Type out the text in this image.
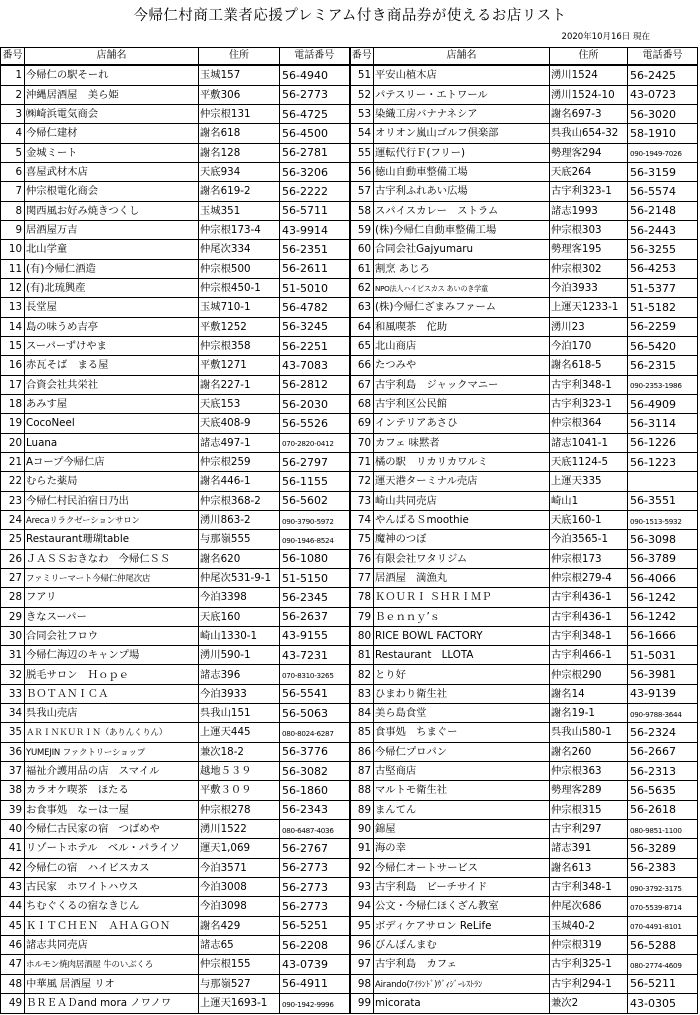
今帰仁村商工業者応援プレミアム付き商品券が使えるお店リスト
2020年10月16日 現在
番号	店舗名	住所	電話番号	番号	店舗名	住所	電話番号
1	今帰仁の駅そーれ	玉城157	56-4940	51	平安山植木店	湧川1524	56-2425
2	沖縄居酒屋　美ら姫	平敷306	56-2773	52	パテスリー・エトワール	湧川1524-10	43-0723
3	㈱崎浜電気商会	仲宗根131	56-4725	53	染織工房バナナネシア	謝名697-3	56-3020
4	今帰仁建材	謝名618	56-4500	54	オリオン嵐山ゴルフ倶楽部	呉我山654-32	58-1910
5	金城ミート	謝名128	56-2781	55	運転代行Ｆ(フリー)	勢理客294	090-1949-7026
6	喜屋武材木店	天底934	56-3206	56	徳山自動車整備工場	天底264	56-3159
7	仲宗根電化商会	謝名619-2	56-2222	57	古宇利ふれあい広場	古宇利323-1	56-5574
8	関西風お好み焼きつくし	玉城351	56-5711	58	スパイスカレー　ストラム	諸志1993	56-2148
9	居酒屋万吉	仲宗根173-4	43-9914	59	(株)今帰仁自動車整備工場	仲宗根303	56-2443
10	北山学童	仲尾次334	56-2351	60	合同会社Gajyumaru	勢理客195	56-3255
11	(有)今帰仁酒造	仲宗根500	56-2611	61	割烹 あじろ	仲宗根302	56-4253
12	(有)北琉興産	仲宗根450-1	51-5010	62	NPO法人ハイビスカス あいのき学童	今泊3933	51-5377
13	長堂屋	玉城710-1	56-4782	63	(株)今帰仁ざまみファーム	上運天1233-1	51-5182
14	島の味うめ吉亭	平敷1252	56-3245	64	和風喫茶　佗助	湧川23	56-2259
15	スーパーずけやま	仲宗根358	56-2251	65	北山商店	今泊170	56-5420
16	赤瓦そば　まる屋	平敷1271	43-7083	66	たつみや	謝名618-5	56-2315
17	合資会社共栄社	謝名227-1	56-2812	67	古宇利島　ジャックマニー	古宇利348-1	090-2353-1986
18	あみす屋	天底153	56-2030	68	古宇利区公民館	古宇利323-1	56-4909
19	CocoNeel	天底408-9	56-5526	69	インテリアあさひ	仲宗根364	56-3114
20	Luana	諸志497-1	070-2820-0412	70	カフェ 味黙者	諸志1041-1	56-1226
21	Aコープ今帰仁店	仲宗根259	56-2797	71	橘の駅　リカリカワルミ	天底1124-5	56-1223
22	むらた薬局	謝名446-1	56-1155	72	運天港ターミナル売店	上運天335	
23	今帰仁村民泊宿日乃出	仲宗根368-2	56-5602	73	崎山共同売店	崎山1	56-3551
24	Arecaリラクゼーションサロン	湧川863-2	090-3790-5972	74	やんばるＳmoothie	天底160-1	090-1513-5932
25	Restaurant珊瑚table	与那嶺555	090-1946-8524	75	魔神のつぼ	今泊3565-1	56-3098
26	ＪＡＳＳおきなわ　今帰仁ＳＳ	謝名620	56-1080	76	有限会社ワタリジム	仲宗根173	56-3789
27	ファミリーマート今帰仁仲尾次店	仲尾次531-9-1	51-5150	77	居酒屋　満漁丸	仲宗根279-4	56-4066
28	フアリ	今泊3398	56-2345	78	ＫＯＵＲＩ ＳＨＲＩＭＰ	古宇利436-1	56-1242
29	きなスーパー	天底160	56-2637	79	Ｂｅｎｎｙ’ｓ	古宇利436-1	56-1242
30	合同会社フロウ	崎山1330-1	43-9155	80	RICE BOWL FACTORY	古宇利348-1	56-1666
31	今帰仁海辺のキャンプ場	湧川590-1	43-7231	81	Restaurant　LLOTA	古宇利466-1	51-5031
32	脱毛サロン　Ｈｏｐｅ	諸志396	070-8310-3265	82	とり好	仲宗根290	56-3981
33	ＢＯＴＡＮＩＣＡ	今泊3933	56-5541	83	ひまわり衛生社	謝名14	43-9139
34	呉我山売店	呉我山151	56-5063	84	美ら島食堂	謝名19-1	090-9788-3644
35	ＡＲＩＮＫＵＲＩＮ（ありんくりん）	上運天445	080-8024-6287	85	食事処　ちまぐー	呉我山580-1	56-2324
36	YUMEJIN ファクトリーショップ	兼次18-2	56-3776	86	今帰仁プロパン	謝名260	56-2667
37	福祉介護用品の店　スマイル	越地５３９	56-3082	87	古堅商店	仲宗根363	56-2313
38	カラオケ喫茶　ほたる	平敷３０９	56-1860	88	マルトモ衛生社	勢理客289	56-5635
39	お食事処　なーは一屋	仲宗根278	56-2343	89	まんてん	仲宗根315	56-2618
40	今帰仁古民家の宿　つばめや	湧川1522	080-6487-4036	90	錦屋	古宇利297	080-9851-1100
41	リゾートホテル　ベル・パライソ	運天1,069	56-2767	91	海の幸	諸志391	56-3289
42	今帰仁の宿　ハイビスカス	今泊3571	56-2773	92	今帰仁オートサービス	謝名613	56-2383
43	古民家　ホワイトハウス	今泊3008	56-2773	93	古宇利島　ビーチサイド	古宇利348-1	090-3792-3175
44	ちむぐくるの宿なきじん	今泊3098	56-2773	94	公文・今帰仁ほくざん教室	仲尾次686	070-5539-8714
45	ＫＩＴＣＨＥＮ　ＡＨＡＧＯＮ	謝名429	56-5251	95	ボディケアサロン ReLife	玉城40-2	070-4491-8101
46	諸志共同売店	諸志65	56-2208	96	びんぼんまむ	仲宗根319	56-5288
47	ホルモン焼肉居酒屋 牛のいぶくろ	仲宗根155	43-0739	97	古宇利島　カフェ	古宇利325-1	080-2774-4609
48	中華風 居酒屋 リオ	与那嶺527	56-4911	98	Airando(ｱｲﾗﾝﾄﾞ)ｳﾞｨｼﾞｰﾚｽﾄﾗﾝ	古宇利294-1	56-5211
49	ＢＲＥＡＤand mora ノワノワ	上運天1693-1	090-1942-9996	99	micorata	兼次2	43-0305
